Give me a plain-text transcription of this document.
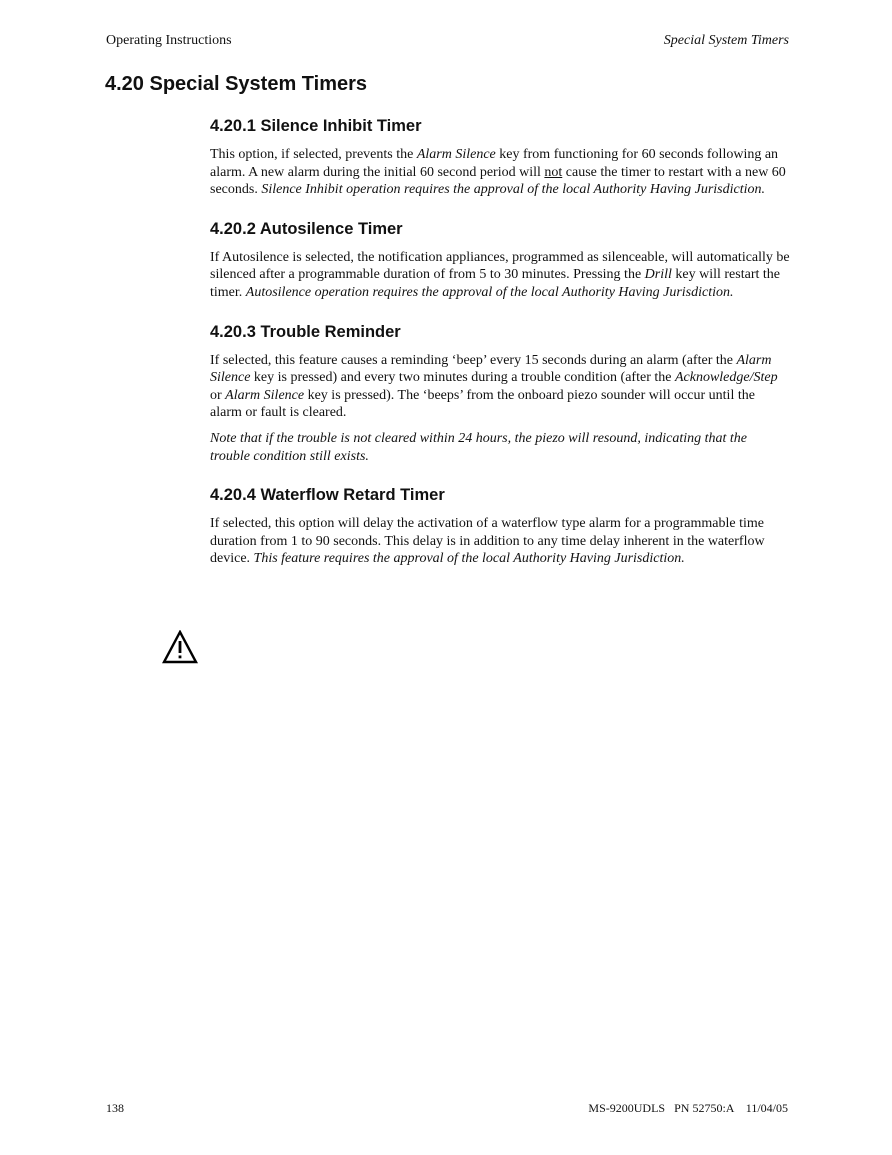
Operating Instructions	Special System Timers
4.20 Special System Timers
4.20.1 Silence Inhibit Timer

This option, if selected, prevents the Alarm Silence key from functioning for 60 seconds following an alarm. A new alarm during the initial 60 second period will not cause the timer to restart with a new 60 seconds. Silence Inhibit operation requires the approval of the local Authority Having Jurisdiction.

4.20.2 Autosilence Timer

If Autosilence is selected, the notification appliances, programmed as silenceable, will automatically be silenced after a programmable duration of from 5 to 30 minutes. Pressing the Drill key will restart the timer. Autosilence operation requires the approval of the local Authority Having Jurisdiction.

4.20.3 Trouble Reminder

If selected, this feature causes a reminding ‘beep’ every 15 seconds during an alarm (after the Alarm Silence key is pressed) and every two minutes during a trouble condition (after the Acknowledge/Step or Alarm Silence key is pressed). The ‘beeps’ from the onboard piezo sounder will occur until the alarm or fault is cleared.

Note that if the trouble is not cleared within 24 hours, the piezo will resound, indicating that the trouble condition still exists.

4.20.4 Waterflow Retard Timer

If selected, this option will delay the activation of a waterflow type alarm for a programmable time duration from 1 to 90 seconds. This delay is in addition to any time delay inherent in the waterflow device. This feature requires the approval of the local Authority Having Jurisdiction.

138	MS-9200UDLS   PN 52750:A    11/04/05
